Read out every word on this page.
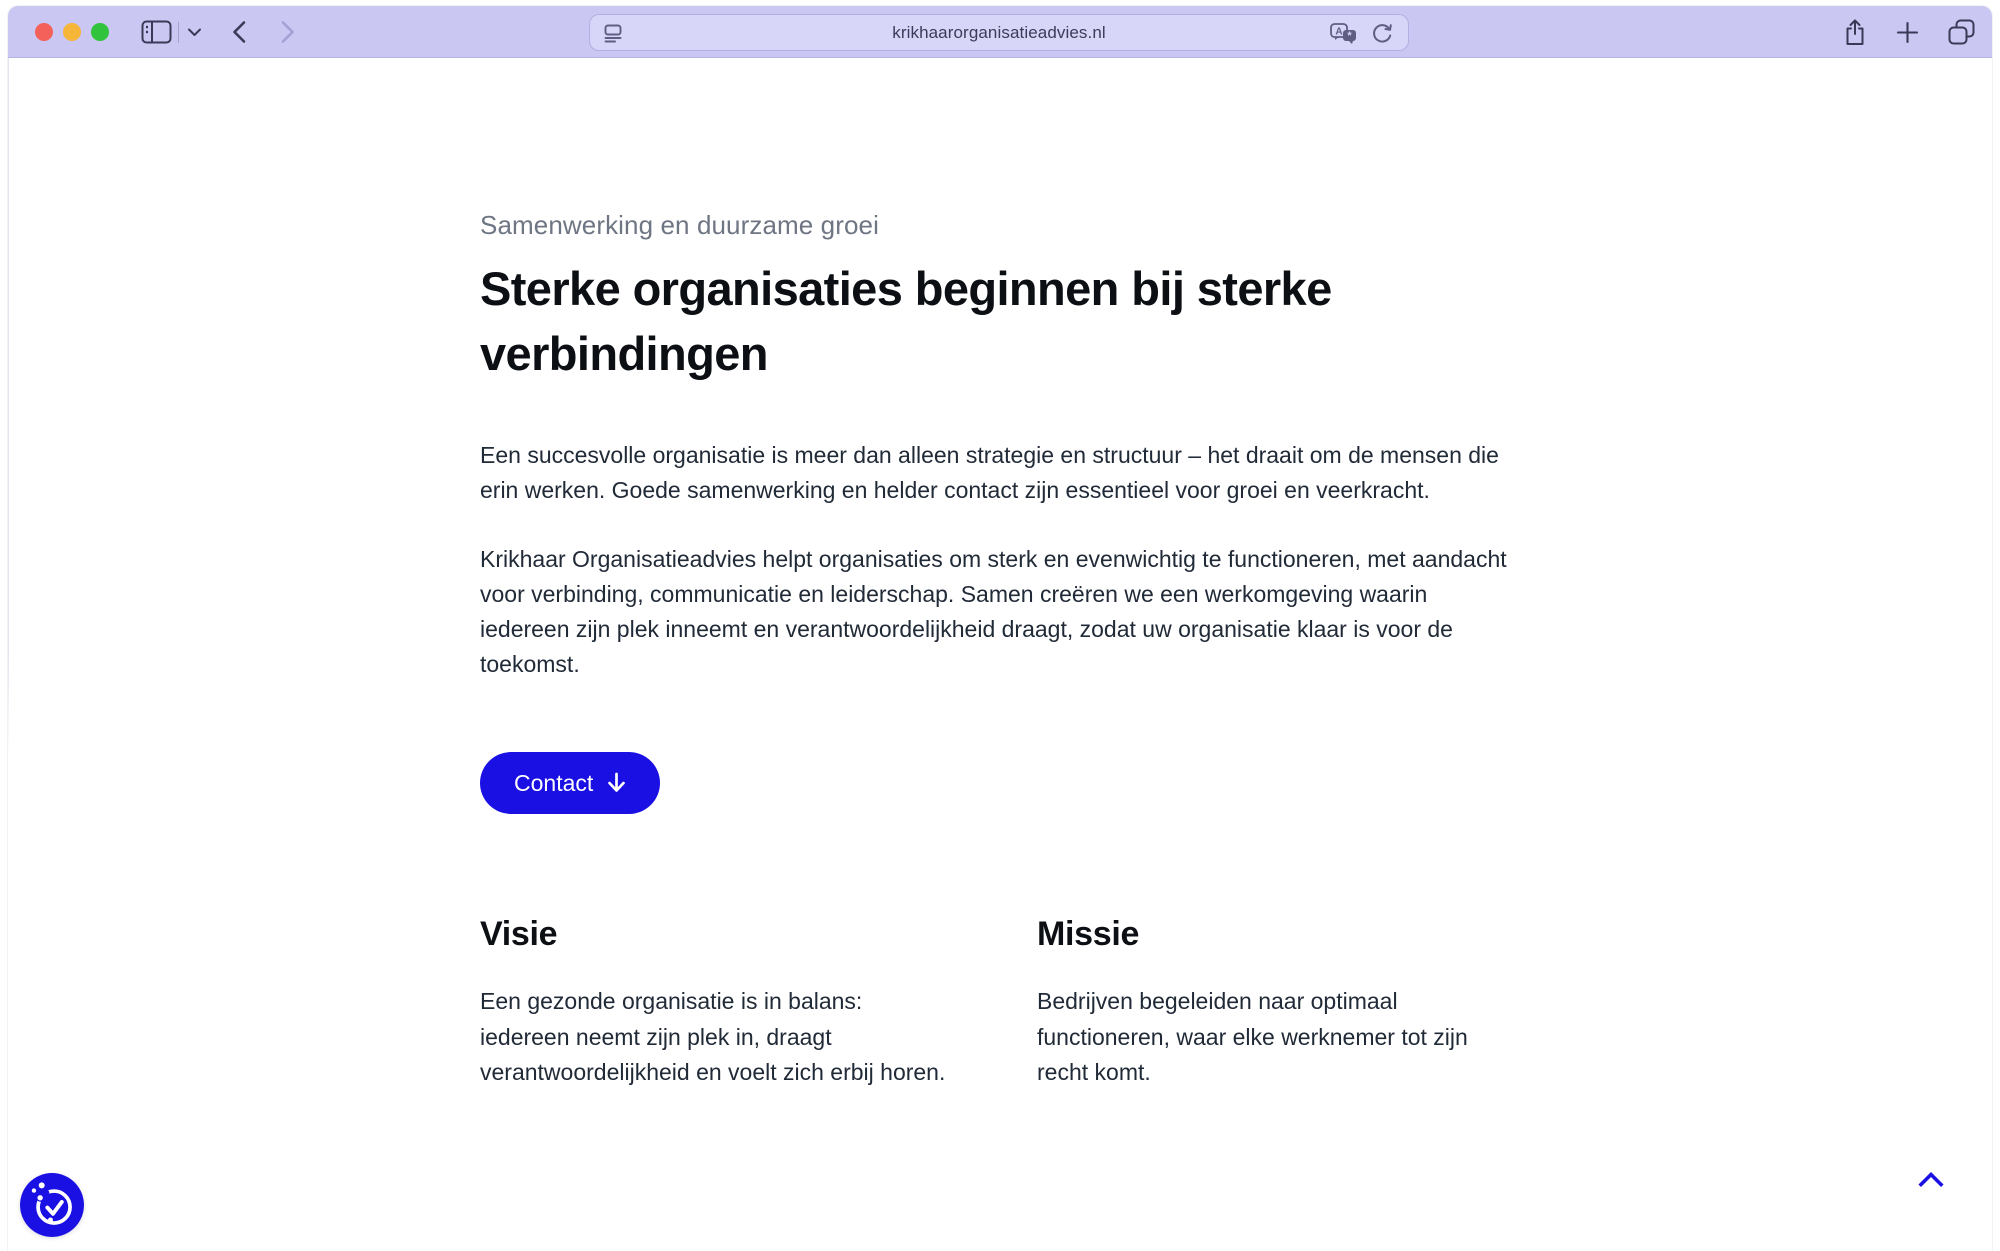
krikhaarorganisatieadvies.nl	A *
Samenwerking en duurzame groei
Sterke organisaties beginnen bij sterke
verbindingen

Een succesvolle organisatie is meer dan alleen strategie en structuur – het draait om de mensen die erin werken. Goede samenwerking en helder contact zijn essentieel voor groei en veerkracht.

Krikhaar Organisatieadvies helpt organisaties om sterk en evenwichtig te functioneren, met aandacht voor verbinding, communicatie en leiderschap. Samen creëren we een werkomgeving waarin iedereen zijn plek inneemt en verantwoordelijkheid draagt, zodat uw organisatie klaar is voor de toekomst.

Contact
Visie

Een gezonde organisatie is in balans: iedereen neemt zijn plek in, draagt verantwoordelijkheid en voelt zich erbij horen.

Missie

Bedrijven begeleiden naar optimaal functioneren, waar elke werknemer tot zijn recht komt.
